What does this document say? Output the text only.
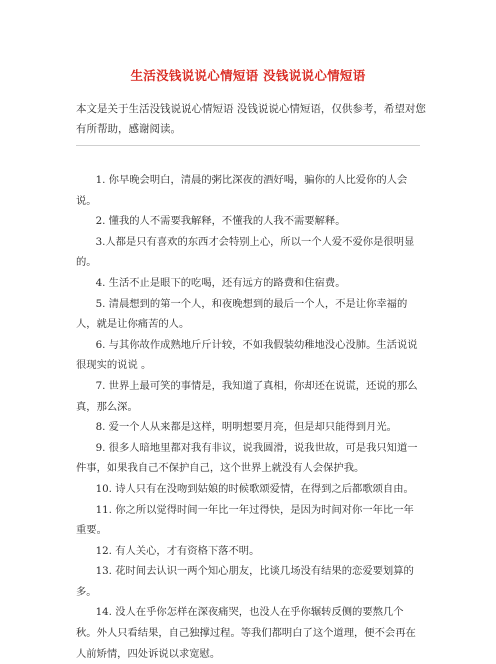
生活没钱说说心情短语 没钱说说心情短语
本文是关于生活没钱说说心情短语 没钱说说心情短语，仅供参考，希望对您有所帮助，感谢阅读。

1. 你早晚会明白，清晨的粥比深夜的酒好喝，骗你的人比爱你的人会说。

2. 懂我的人不需要我解释，不懂我的人我不需要解释。

3.人都是只有喜欢的东西才会特别上心，所以一个人爱不爱你是很明显的。

4. 生活不止是眼下的吃喝，还有远方的路费和住宿费。

5. 清晨想到的第一个人，和夜晚想到的最后一个人，不是让你幸福的人，就是让你痛苦的人。

6. 与其你故作成熟地斤斤计较，不如我假装幼稚地没心没肺。生活说说很现实的说说 。

7. 世界上最可笑的事情是，我知道了真相，你却还在说谎，还说的那么真，那么深。

8. 爱一个人从来都是这样，明明想要月亮，但是却只能得到月光。

9. 很多人暗地里都对我有非议，说我圆滑，说我世故，可是我只知道一件事，如果我自己不保护自己，这个世界上就没有人会保护我。

10. 诗人只有在没吻到姑娘的时候歌颂爱情，在得到之后都歌颂自由。

11. 你之所以觉得时间一年比一年过得快，是因为时间对你一年比一年重要。

12. 有人关心，才有资格下落不明。

13. 花时间去认识一两个知心朋友，比谈几场没有结果的恋爱要划算的多。

14. 没人在乎你怎样在深夜痛哭，也没人在乎你辗转反侧的要熬几个秋。外人只看结果，自己独撑过程。等我们都明白了这个道理，便不会再在人前矫情，四处诉说以求宽慰。
